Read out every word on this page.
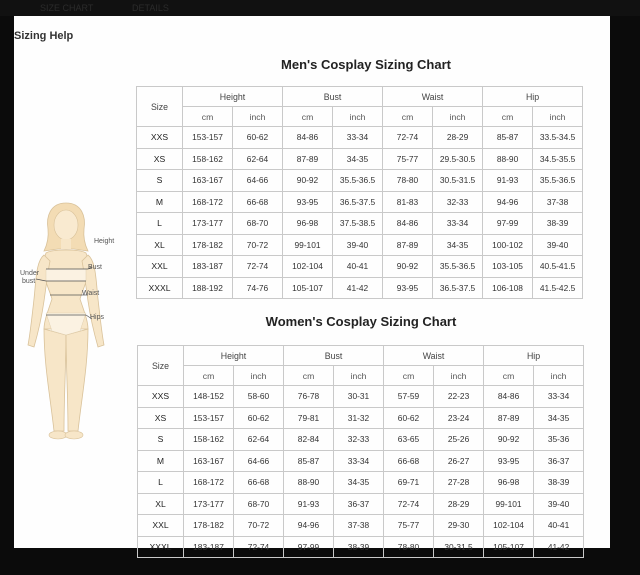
SIZE CHART	DETAILS
Sizing Help
Height
Bust
Under
bust
Waist
Hips
Men's Cosplay Sizing Chart
Size	Height		Bust		Waist		Hip	
	cm	inch	cm	inch	cm	inch	cm	inch
XXS	153-157	60-62	84-86	33-34	72-74	28-29	85-87	33.5-34.5
XS	158-162	62-64	87-89	34-35	75-77	29.5-30.5	88-90	34.5-35.5
S	163-167	64-66	90-92	35.5-36.5	78-80	30.5-31.5	91-93	35.5-36.5
M	168-172	66-68	93-95	36.5-37.5	81-83	32-33	94-96	37-38
L	173-177	68-70	96-98	37.5-38.5	84-86	33-34	97-99	38-39
XL	178-182	70-72	99-101	39-40	87-89	34-35	100-102	39-40
XXL	183-187	72-74	102-104	40-41	90-92	35.5-36.5	103-105	40.5-41.5
XXXL	188-192	74-76	105-107	41-42	93-95	36.5-37.5	106-108	41.5-42.5
Women's Cosplay Sizing Chart
Size	Height		Bust		Waist		Hip	
	cm	inch	cm	inch	cm	inch	cm	inch
XXS	148-152	58-60	76-78	30-31	57-59	22-23	84-86	33-34
XS	153-157	60-62	79-81	31-32	60-62	23-24	87-89	34-35
S	158-162	62-64	82-84	32-33	63-65	25-26	90-92	35-36
M	163-167	64-66	85-87	33-34	66-68	26-27	93-95	36-37
L	168-172	66-68	88-90	34-35	69-71	27-28	96-98	38-39
XL	173-177	68-70	91-93	36-37	72-74	28-29	99-101	39-40
XXL	178-182	70-72	94-96	37-38	75-77	29-30	102-104	40-41
XXXL	183-187	72-74	97-99	38-39	78-80	30-31.5	105-107	41-42
